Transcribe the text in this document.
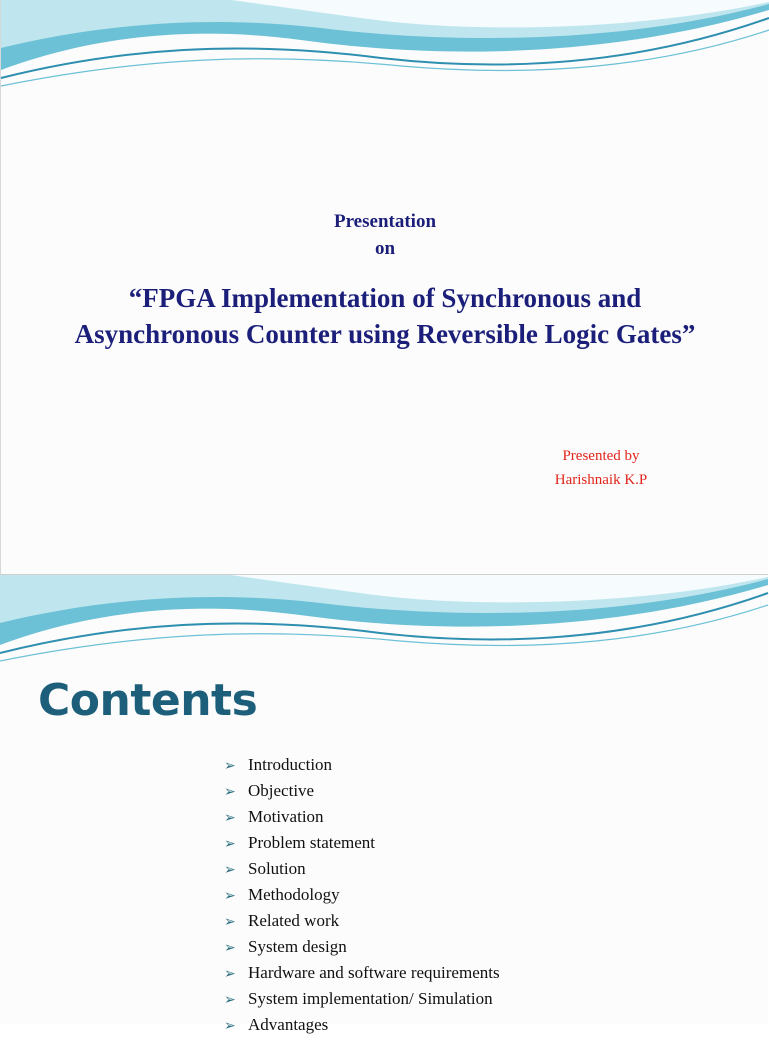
Presentation
on
“FPGA Implementation of Synchronous and Asynchronous Counter using Reversible Logic Gates”
Presented by
Harishnaik K.P
Contents
➢ Introduction
➢ Objective
➢ Motivation
➢ Problem statement
➢ Solution
➢ Methodology
➢ Related work
➢ System design
➢ Hardware and software requirements
➢ System implementation/ Simulation
➢ Advantages
